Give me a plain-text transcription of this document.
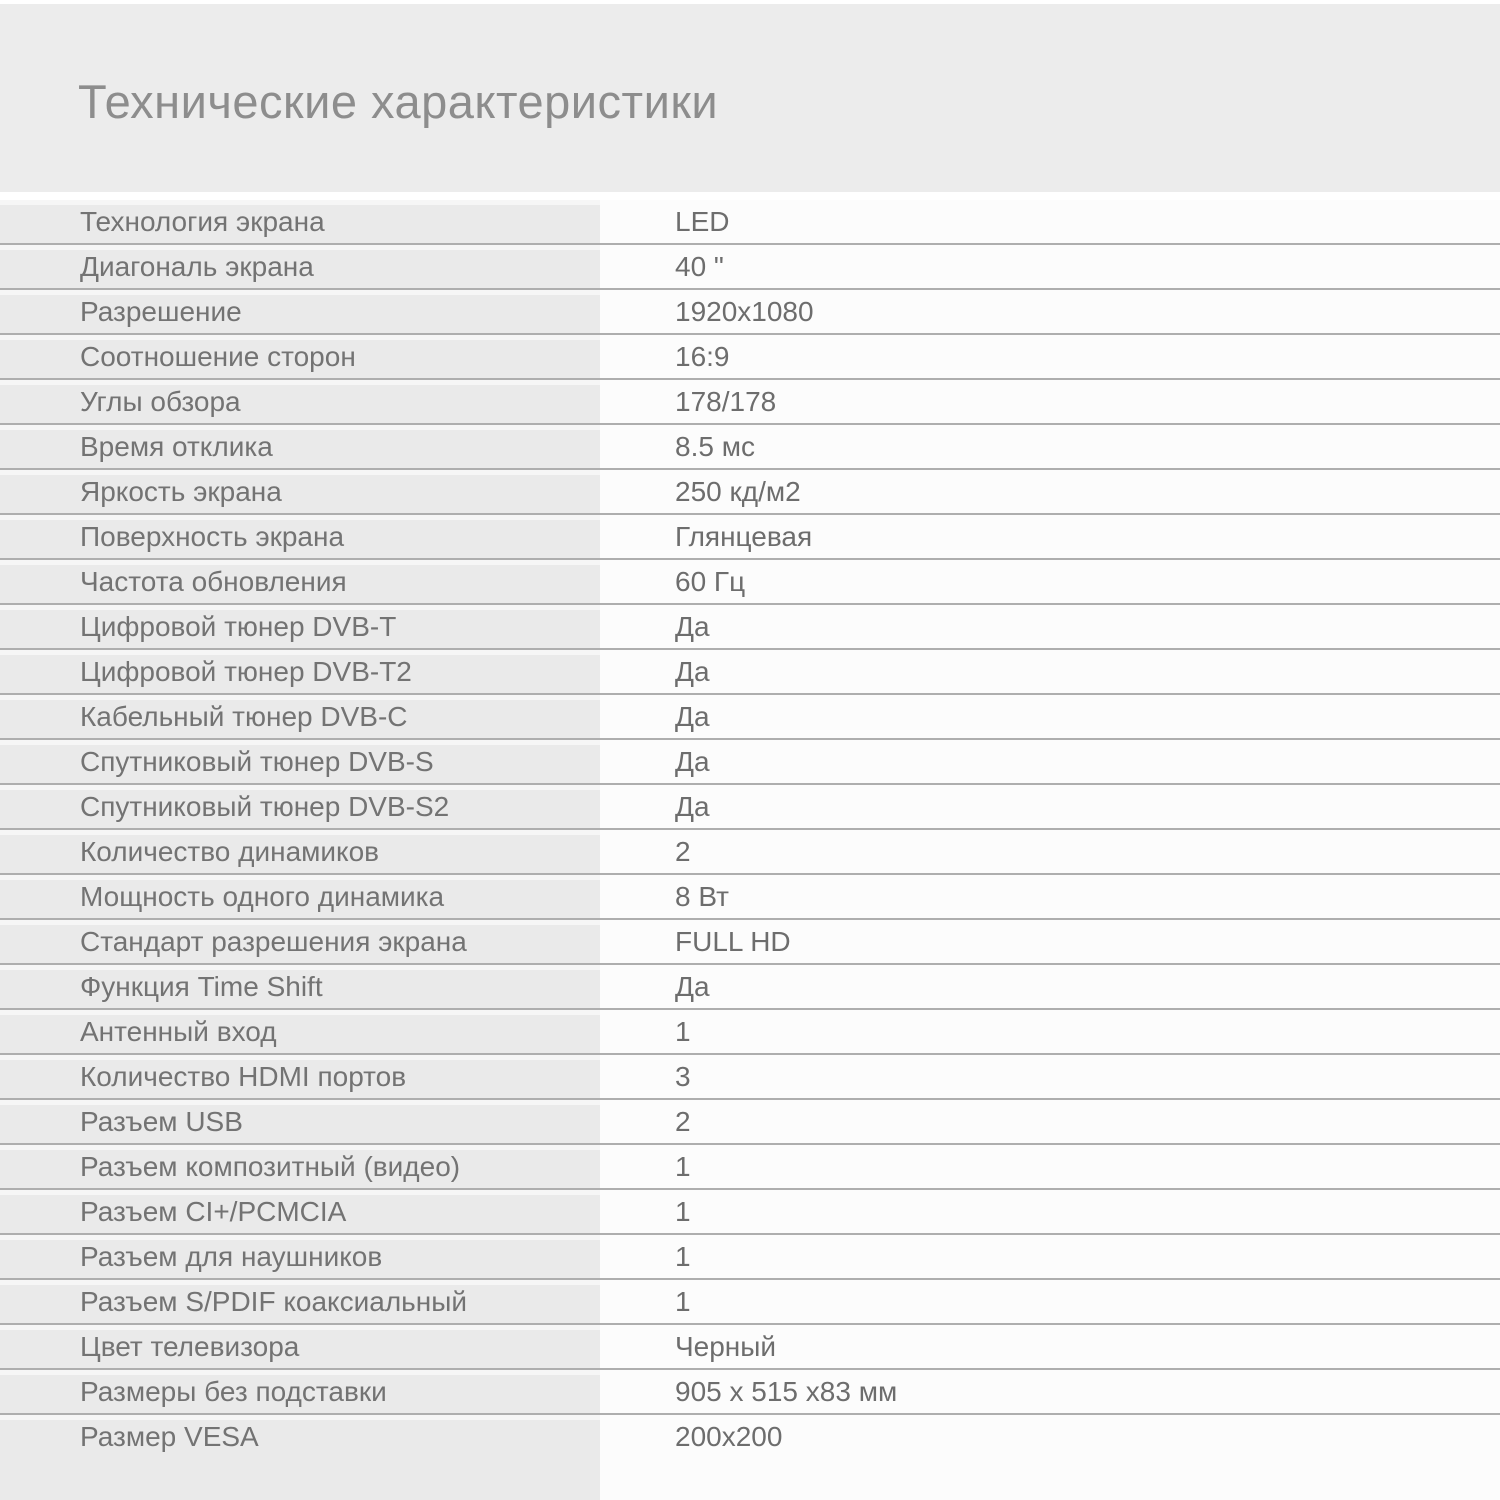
Технические характеристики
Технология экрана	LED
Диагональ экрана	40 "
Разрешение	1920x1080
Соотношение сторон	16:9
Углы обзора	178/178
Время отклика	8.5 мс
Яркость экрана	250 кд/м2
Поверхность экрана	Глянцевая
Частота обновления	60 Гц
Цифровой тюнер DVB-T	Да
Цифровой тюнер DVB-T2	Да
Кабельный тюнер DVB-C	Да
Спутниковый тюнер DVB-S	Да
Спутниковый тюнер DVB-S2	Да
Количество динамиков	2
Мощность одного динамика	8 Вт
Стандарт разрешения экрана	FULL HD
Функция Time Shift	Да
Антенный вход	1
Количество HDMI портов	3
Разъем USB	2
Разъем композитный (видео)	1
Разъем CI+/PCMCIA	1
Разъем для наушников	1
Разъем S/PDIF коаксиальный	1
Цвет телевизора	Черный
Размеры без подставки	905 x 515 x83 мм
Размер VESA	200x200
